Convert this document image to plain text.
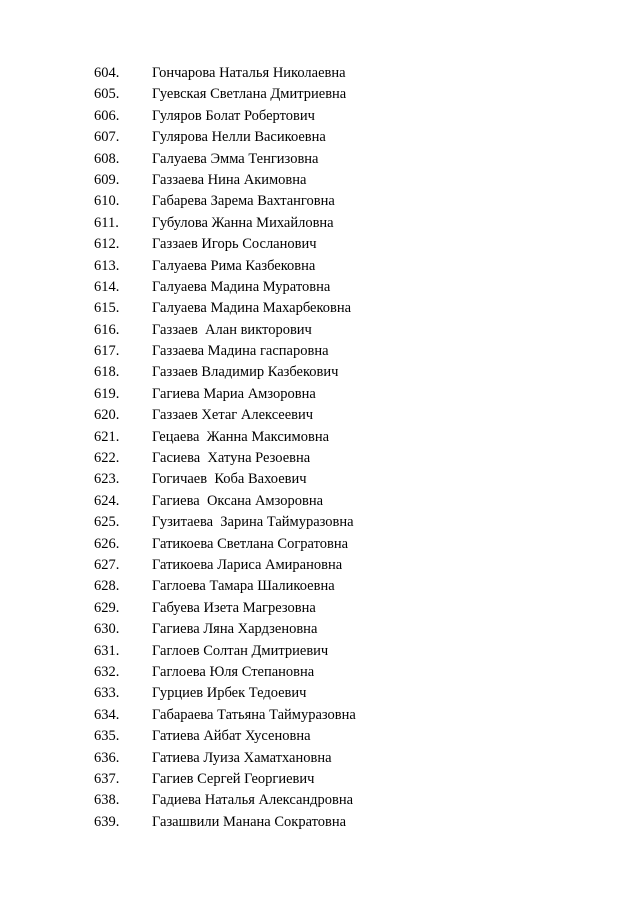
604.	Гончарова Наталья Николаевна
605.	Гуевская Светлана Дмитриевна
606.	Гуляров Болат Робертович
607.	Гулярова Нелли Васикоевна
608.	Галуаева Эмма Тенгизовна
609.	Газзаева Нина Акимовна
610.	Габарева Зарема Вахтанговна
611.	Губулова Жанна Михайловна
612.	Газзаев Игорь Сосланович
613.	Галуаева Рима Казбековна
614.	Галуаева Мадина Муратовна
615.	Галуаева Мадина Махарбековна
616.	Газзаев  Алан викторович
617.	Газзаева Мадина гаспаровна
618.	Газзаев Владимир Казбекович
619.	Гагиева Мариа Амзоровна
620.	Газзаев Хетаг Алексеевич
621.	Гецаева  Жанна Максимовна
622.	Гасиева  Хатуна Резоевна
623.	Гогичаев  Коба Вахоевич
624.	Гагиева  Оксана Амзоровна
625.	Гузитаева  Зарина Таймуразовна
626.	Гатикоева Светлана Согратовна
627.	Гатикоева Лариса Амирановна
628.	Гаглоева Тамара Шаликоевна
629.	Габуева Изета Магрезовна
630.	Гагиева Ляна Хардзеновна
631.	Гаглоев Солтан Дмитриевич
632.	Гаглоева Юля Степановна
633.	Гурциев Ирбек Тедоевич
634.	Габараева Татьяна Таймуразовна
635.	Гатиева Айбат Хусеновна
636.	Гатиева Луиза Хаматхановна
637.	Гагиев Сергей Георгиевич
638.	Гадиева Наталья Александровна
639.	Газашвили Манана Сократовна
